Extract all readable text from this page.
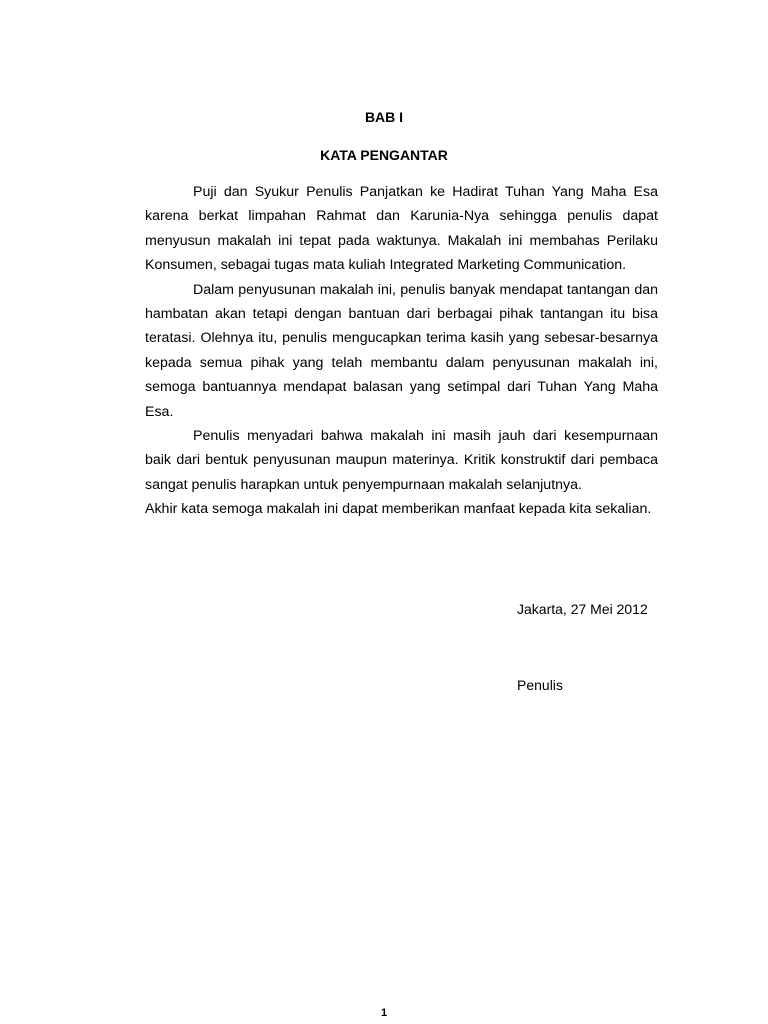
BAB I

KATA PENGANTAR

Puji dan Syukur Penulis Panjatkan ke Hadirat Tuhan Yang Maha Esa karena berkat limpahan Rahmat dan Karunia-Nya sehingga penulis dapat menyusun makalah ini tepat pada waktunya. Makalah ini membahas Perilaku Konsumen, sebagai tugas mata kuliah Integrated Marketing Communication.

Dalam penyusunan makalah ini, penulis banyak mendapat tantangan dan hambatan akan tetapi dengan bantuan dari berbagai pihak tantangan itu bisa teratasi. Olehnya itu, penulis mengucapkan terima kasih yang sebesar-besarnya kepada semua pihak yang telah membantu dalam penyusunan makalah ini, semoga bantuannya mendapat balasan yang setimpal dari Tuhan Yang Maha Esa.

Penulis menyadari bahwa makalah ini masih jauh dari kesempurnaan baik dari bentuk penyusunan maupun materinya. Kritik konstruktif dari pembaca sangat penulis harapkan untuk penyempurnaan makalah selanjutnya.

Akhir kata semoga makalah ini dapat memberikan manfaat kepada kita sekalian.

Jakarta, 27 Mei 2012

Penulis

1
